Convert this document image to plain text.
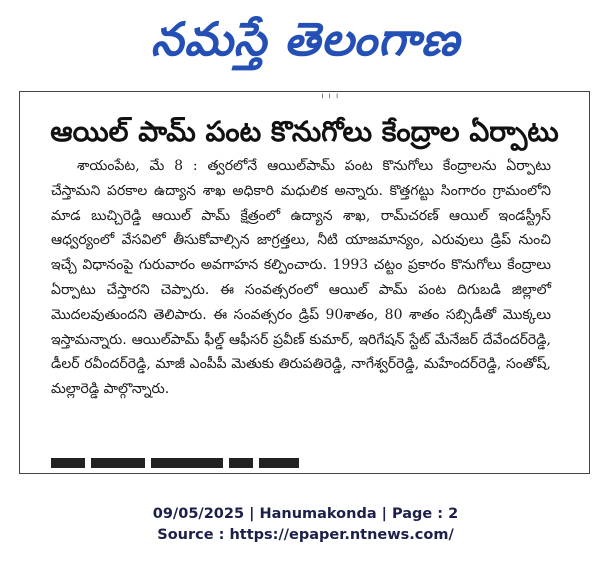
నమస్తే తెలంగాణ
╵ ╵ ╵
ఆయిల్ పామ్ పంట కొనుగోలు కేంద్రాల ఏర్పాటు

శాయంపేట, మే 8 : త్వరలోనే ఆయిల్‌పామ్ పంట కొనుగోలు కేంద్రాలను ఏర్పాటు చేస్తామని పరకాల ఉద్యాన శాఖ అధికారి మధులిక అన్నారు. కొత్తగట్టు సింగారం గ్రామంలోని మాడ బుచ్చిరెడ్డి ఆయిల్ పామ్ క్షేత్రంలో ఉద్యాన శాఖ, రామ్‌చరణ్ ఆయిల్ ఇండస్ట్రీస్ ఆధ్వర్యంలో వేసవిలో తీసుకోవాల్సిన జాగ్రత్తలు, నీటి యాజమాన్యం, ఎరువులు డ్రిప్ నుంచి ఇచ్చే విధానంపై గురువారం అవగాహన కల్పించారు. 1993 చట్టం ప్రకారం కొనుగోలు కేంద్రాలు ఏర్పాటు చేస్తారని చెప్పారు. ఈ సంవత్సరంలో ఆయిల్ పామ్ పంట దిగుబడి జిల్లాలో మొదలవుతుందని తెలిపారు. ఈ సంవత్సరం డ్రిప్ 90శాతం, 80 శాతం సబ్సిడీతో మొక్కలు ఇస్తామన్నారు. ఆయిల్‌పామ్ ఫీల్డ్ ఆఫీసర్ ప్రవీణ్ కుమార్, ఇరిగేషన్ స్టేట్ మేనేజర్ దేవేందర్‌రెడ్డి, డీలర్ రవీందర్‌రెడ్డి, మాజీ ఎంపీపీ మెతుకు తిరుపతిరెడ్డి, నాగేశ్వర్‌రెడ్డి, మహేందర్‌రెడ్డి, సంతోష్, మల్లారెడ్డి పాల్గొన్నారు.

09/05/2025 | Hanumakonda | Page : 2
Source : https://epaper.ntnews.com/
